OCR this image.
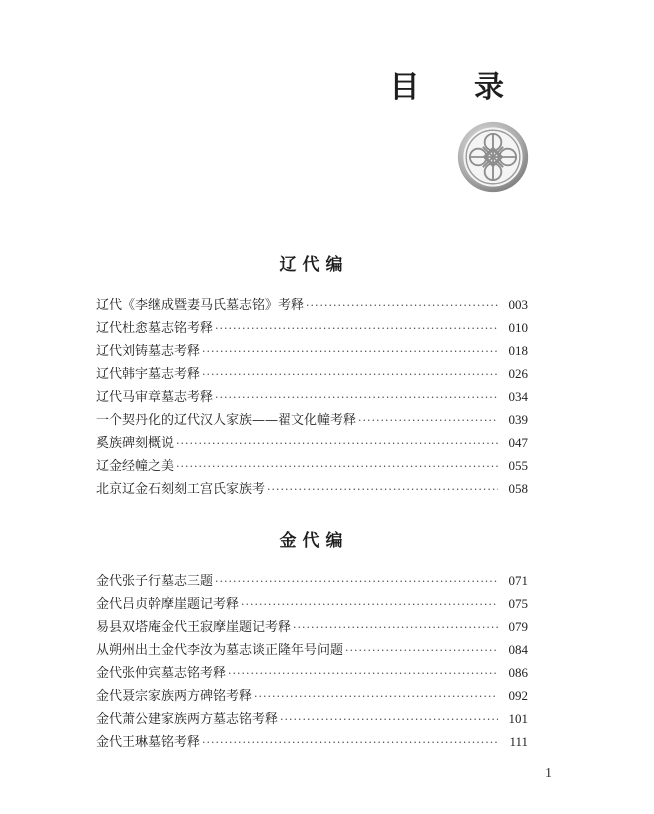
目 录
辽代编
辽代《李继成暨妻马氏墓志铭》考释 ·····	003
辽代杜悆墓志铭考释 ·····	010
辽代刘铸墓志考释 ·····	018
辽代韩宇墓志考释 ·····	026
辽代马审章墓志考释 ·····	034
一个契丹化的辽代汉人家族——翟文化幢考释 ·····	039
奚族碑刻概说 ·····	047
辽金经幢之美 ·····	055
北京辽金石刻刻工宫氏家族考 ·····	058
金代编
金代张子行墓志三题 ·····	071
金代吕贞幹摩崖题记考释 ·····	075
易县双塔庵金代王寂摩崖题记考释 ·····	079
从朔州出土金代李汝为墓志谈正隆年号问题 ·····	084
金代张仲宾墓志铭考释 ·····	086
金代聂宗家族两方碑铭考释 ·····	092
金代萧公建家族两方墓志铭考释 ·····	101
金代王琳墓铭考释 ·····	111
1
